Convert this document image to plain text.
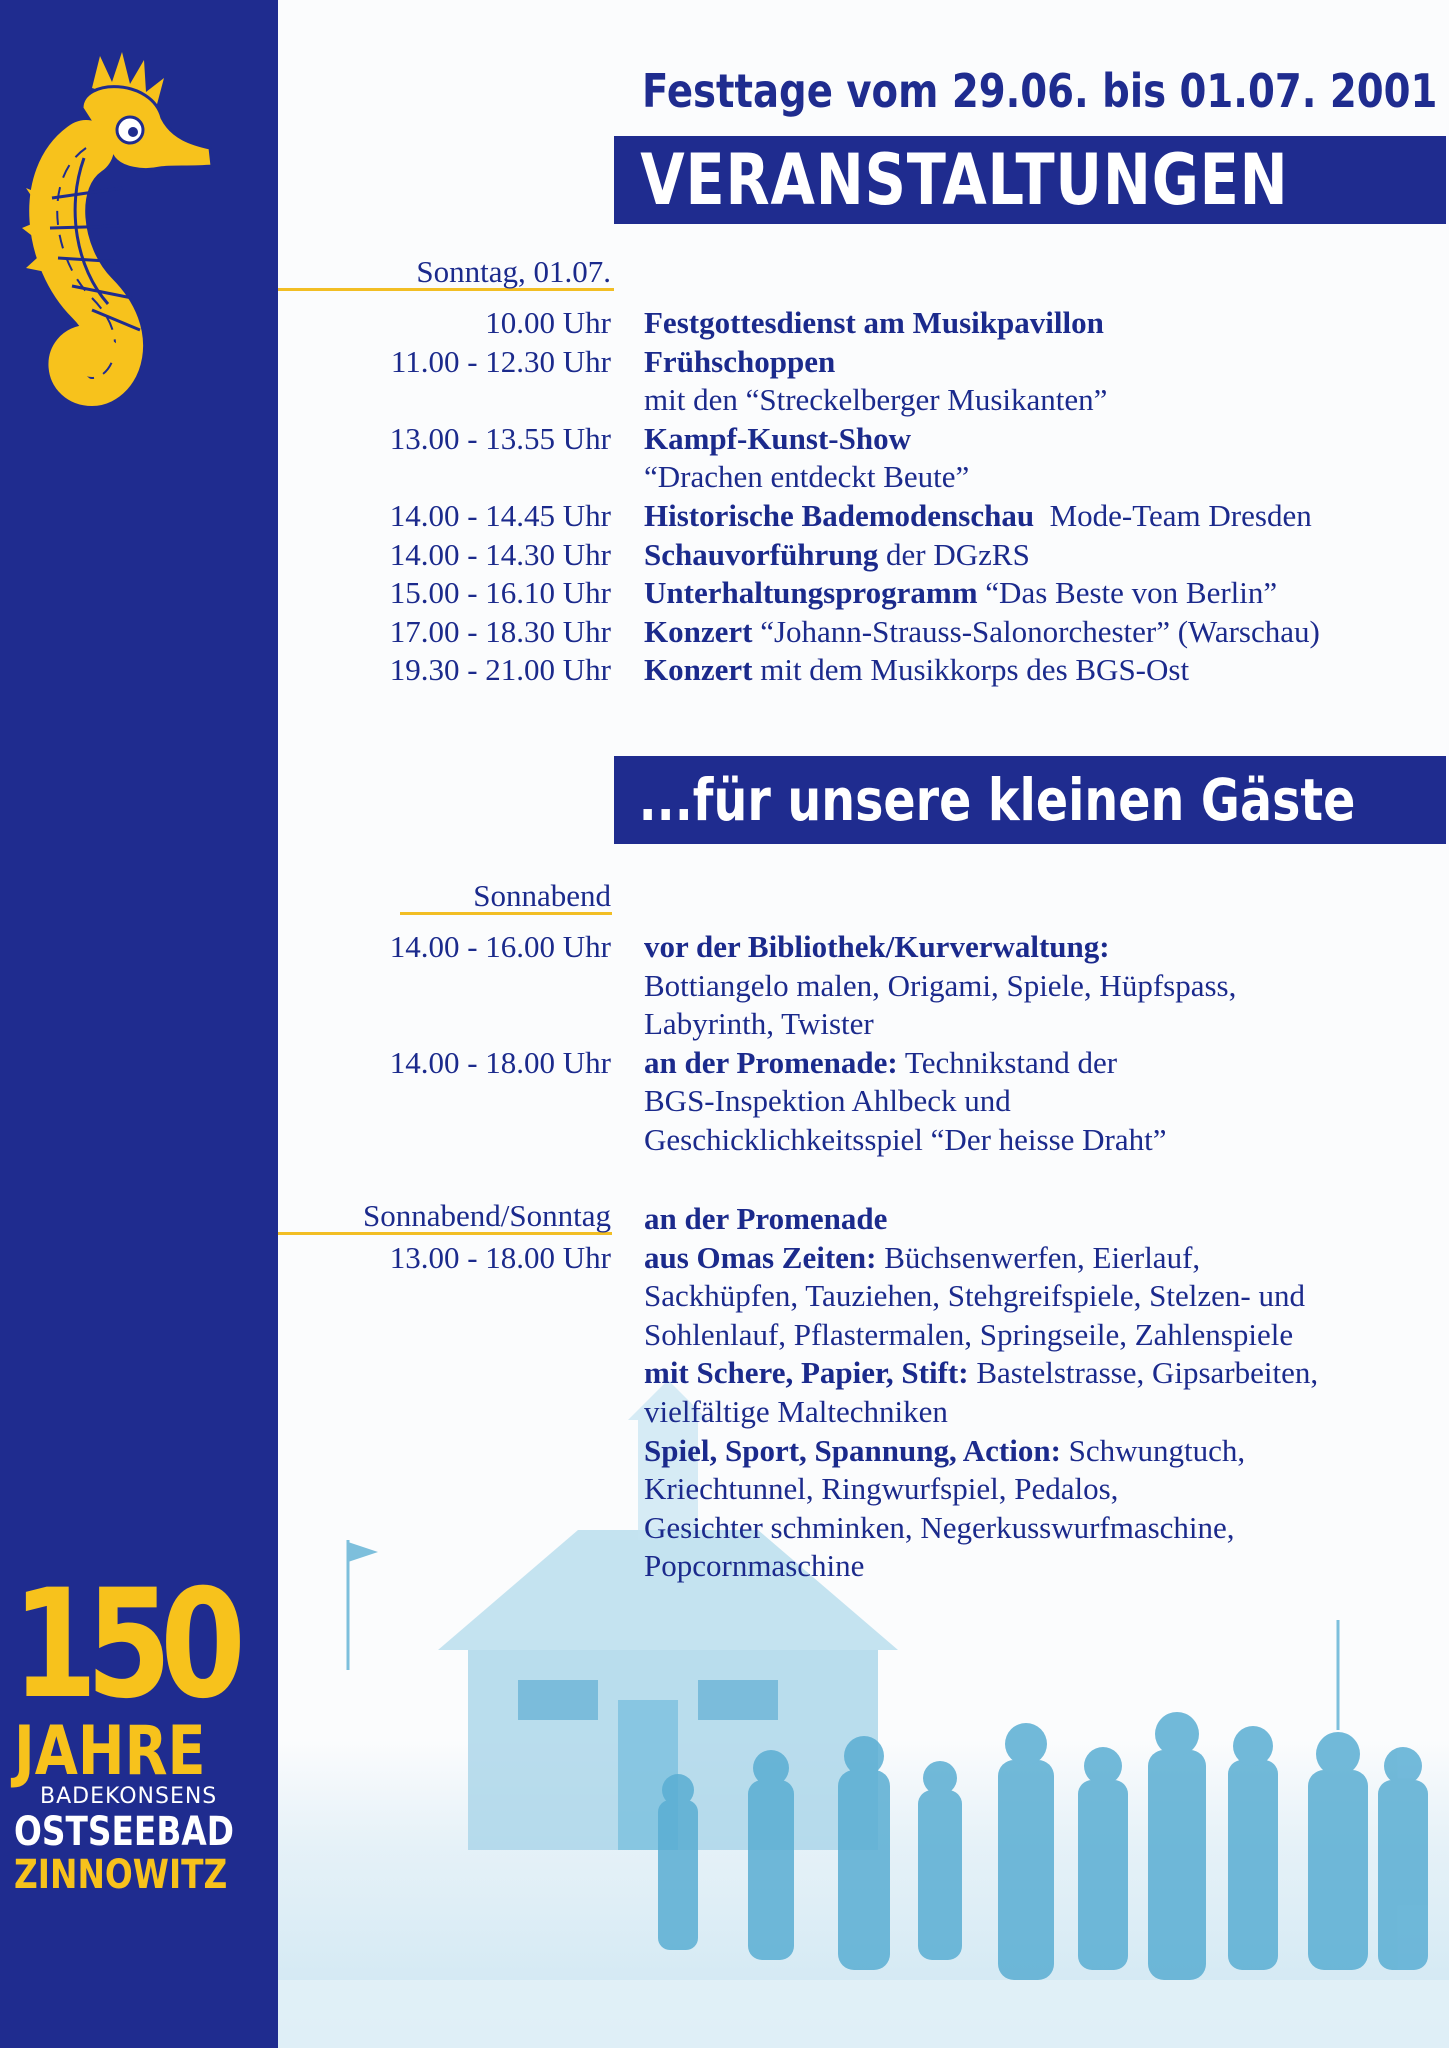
150
JAHRE
BADEKONSENS
OSTSEEBAD
ZINNOWITZ
Festtage vom 29.06. bis 01.07. 2001
VERANSTALTUNGEN
Sonntag, 01.07.
10.00 Uhr Festgottesdienst am Musikpavillon
11.00 - 12.30 Uhr Frühschoppen
mit den “Streckelberger Musikanten”
13.00 - 13.55 Uhr Kampf-Kunst-Show
“Drachen entdeckt Beute”
14.00 - 14.45 Uhr Historische Bademodenschau  Mode-Team Dresden
14.00 - 14.30 Uhr Schauvorführung der DGzRS
15.00 - 16.10 Uhr Unterhaltungsprogramm “Das Beste von Berlin”
17.00 - 18.30 Uhr Konzert “Johann-Strauss-Salonorchester” (Warschau)
19.30 - 21.00 Uhr Konzert mit dem Musikkorps des BGS-Ost
...für unsere kleinen Gäste
Sonnabend
14.00 - 16.00 Uhr vor der Bibliothek/Kurverwaltung:
Bottiangelo malen, Origami, Spiele, Hüpfspass,
Labyrinth, Twister
14.00 - 18.00 Uhr an der Promenade: Technikstand der
BGS-Inspektion Ahlbeck und
Geschicklichkeitsspiel “Der heisse Draht”
Sonnabend/Sonntag an der Promenade
13.00 - 18.00 Uhr aus Omas Zeiten: Büchsenwerfen, Eierlauf,
Sackhüpfen, Tauziehen, Stehgreifspiele, Stelzen- und
Sohlenlauf, Pflastermalen, Springseile, Zahlenspiele
mit Schere, Papier, Stift: Bastelstrasse, Gipsarbeiten,
vielfältige Maltechniken
Spiel, Sport, Spannung, Action: Schwungtuch,
Kriechtunnel, Ringwurfspiel, Pedalos,
Gesichter schminken, Negerkusswurfmaschine,
Popcornmaschine
